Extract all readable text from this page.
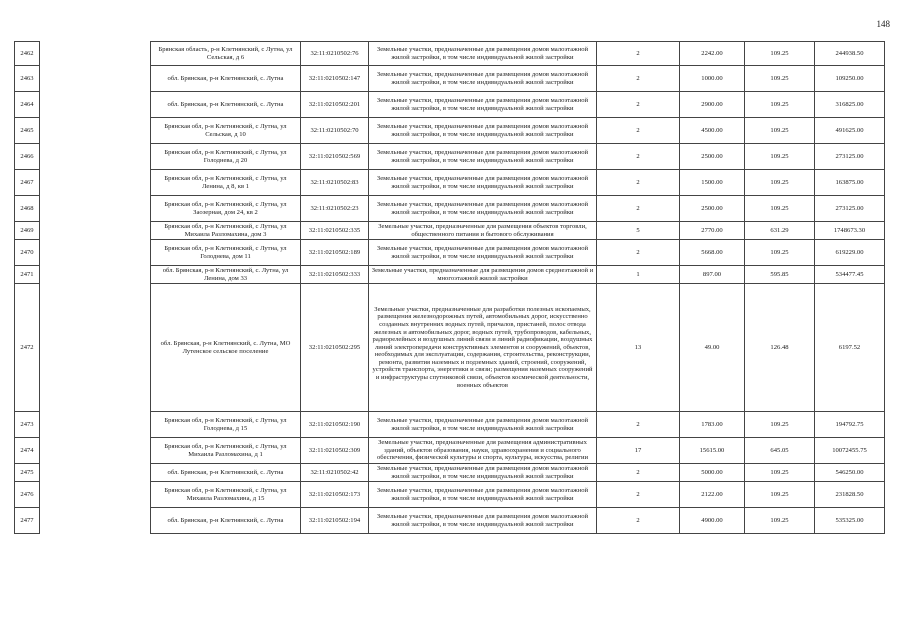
148
2462		Брянская область, р-н Клетнянский, с Лутна, ул Сельская, д 6	32:11:0210502:76	Земельные участки, предназначенные для размещения домов малоэтажной жилой застройки, в том числе индивидуальной жилой застройки	2	2242.00	109.25	244938.50
2463		обл. Брянская, р-н Клетнянский, с. Лутна	32:11:0210502:147	Земельные участки, предназначенные для размещения домов малоэтажной жилой застройки, в том числе индивидуальной жилой застройки	2	1000.00	109.25	109250.00
2464		обл. Брянская, р-н Клетнянский, с. Лутна	32:11:0210502:201	Земельные участки, предназначенные для размещения домов малоэтажной жилой застройки, в том числе индивидуальной жилой застройки	2	2900.00	109.25	316825.00
2465		Брянская обл, р-н Клетнянский, с Лутна, ул Сельская, д 10	32:11:0210502:70	Земельные участки, предназначенные для размещения домов малоэтажной жилой застройки, в том числе индивидуальной жилой застройки	2	4500.00	109.25	491625.00
2466		Брянская обл, р-н Клетнянский, с Лутна, ул Голоднева, д 20	32:11:0210502:569	Земельные участки, предназначенные для размещения домов малоэтажной жилой застройки, в том числе индивидуальной жилой застройки	2	2500.00	109.25	273125.00
2467		Брянская обл, р-н Клетнянский, с Лутна, ул Ленина, д 8, кв 1	32:11:0210502:83	Земельные участки, предназначенные для размещения домов малоэтажной жилой застройки, в том числе индивидуальной жилой застройки	2	1500.00	109.25	163875.00
2468		Брянская обл, р-н Клетнянский, с Лутна, ул Заозерная, дом 24, кв 2	32:11:0210502:23	Земельные участки, предназначенные для размещения домов малоэтажной жилой застройки, в том числе индивидуальной жилой застройки	2	2500.00	109.25	273125.00
2469		Брянская обл, р-н Клетнянский, с Лутна, ул Михаила Разломахина, дом 3	32:11:0210502:335	Земельные участки, предназначенные для размещения объектов торговли, общественного питания и бытового обслуживания	5	2770.00	631.29	1748673.30
2470		Брянская обл, р-н Клетнянский, с Лутна, ул Голоднева, дом 11	32:11:0210502:189	Земельные участки, предназначенные для размещения домов малоэтажной жилой застройки, в том числе индивидуальной жилой застройки	2	5668.00	109.25	619229.00
2471		обл. Брянская, р-н Клетнянский, с. Лутна, ул Ленина, дом 33	32:11:0210502:333	Земельные участки, предназначенные для размещения домов среднеэтажной и многоэтажной жилой застройки	1	897.00	595.85	534477.45
2472		обл. Брянская, р-н Клетнянский, с. Лутна, МО Лутенское сельское поселение	32:11:0210502:295	Земельные участки, предназначенные для разработки полезных ископаемых, размещения железнодорожных путей, автомобильных дорог, искусственно созданных внутренних водных путей, причалов, пристаней, полос отвода железных и автомобильных дорог, водных путей, трубопроводов, кабельных, радиорелейных и воздушных линий связи и линий радиофикации, воздушных линий электропередачи конструктивных элементов и сооружений, объектов, необходимых для эксплуатации, содержания, строительства, реконструкции, ремонта, развития наземных и подземных зданий, строений, сооружений, устройств транспорта, энергетики и связи; размещения наземных сооружений и инфраструктуры спутниковой связи, объектов космической деятельности, военных объектов	13	49.00	126.48	6197.52
2473		Брянская обл, р-н Клетнянский, с Лутна, ул Голоднева, д 15	32:11:0210502:190	Земельные участки, предназначенные для размещения домов малоэтажной жилой застройки, в том числе индивидуальной жилой застройки	2	1783.00	109.25	194792.75
2474		Брянская обл, р-н Клетнянский, с Лутна, ул Михаила Разломахина, д 1	32:11:0210502:309	Земельные участки, предназначенные для размещения административных зданий, объектов образования, науки, здравоохранения и социального обеспечения, физической культуры и спорта, культуры, искусства, религии	17	15615.00	645.05	10072455.75
2475		обл. Брянская, р-н Клетнянский, с. Лутна	32:11:0210502:42	Земельные участки, предназначенные для размещения домов малоэтажной жилой застройки, в том числе индивидуальной жилой застройки	2	5000.00	109.25	546250.00
2476		Брянская обл, р-н Клетнянский, с Лутна, ул Михаила Разломахина, д 15	32:11:0210502:173	Земельные участки, предназначенные для размещения домов малоэтажной жилой застройки, в том числе индивидуальной жилой застройки	2	2122.00	109.25	231828.50
2477		обл. Брянская, р-н Клетнянский, с. Лутна	32:11:0210502:194	Земельные участки, предназначенные для размещения домов малоэтажной жилой застройки, в том числе индивидуальной жилой застройки	2	4900.00	109.25	535325.00
